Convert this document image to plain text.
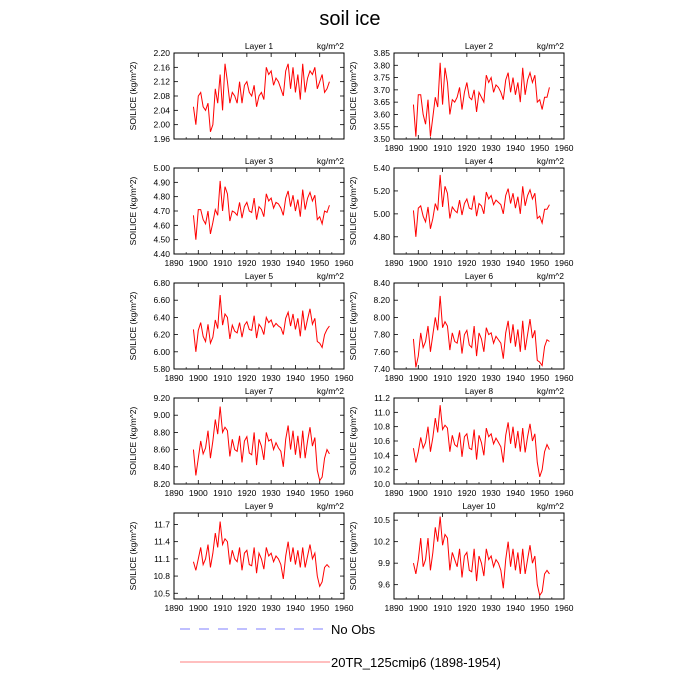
soil ice
Layer 1	kg/m^2
SOILICE (kg/m^2)
1.96
2.00
2.04
2.08
2.12
2.16
2.20
Layer 2	kg/m^2
SOILICE (kg/m^2)
1890 1900 1910 1920 1930 1940 1950 1960
3.50
3.55
3.60
3.65
3.70
3.75
3.80
3.85
Layer 3	kg/m^2
SOILICE (kg/m^2)
1890 1900 1910 1920 1930 1940 1950 1960
4.40
4.50
4.60
4.70
4.80
4.90
5.00
Layer 4	kg/m^2
SOILICE (kg/m^2)
1890 1900 1910 1920 1930 1940 1950 1960
4.80
5.00
5.20
5.40
Layer 5	kg/m^2
SOILICE (kg/m^2)
1890 1900 1910 1920 1930 1940 1950 1960
5.80
6.00
6.20
6.40
6.60
6.80
Layer 6	kg/m^2
SOILICE (kg/m^2)
1890 1900 1910 1920 1930 1940 1950 1960
7.40
7.60
7.80
8.00
8.20
8.40
Layer 7	kg/m^2
SOILICE (kg/m^2)
1890 1900 1910 1920 1930 1940 1950 1960
8.20
8.40
8.60
8.80
9.00
9.20
Layer 8	kg/m^2
SOILICE (kg/m^2)
1890 1900 1910 1920 1930 1940 1950 1960
10.0
10.2
10.4
10.6
10.8
11.0
11.2
Layer 9	kg/m^2
SOILICE (kg/m^2)
1890 1900 1910 1920 1930 1940 1950 1960
10.5
10.8
11.1
11.4
11.7
Layer 10	kg/m^2
SOILICE (kg/m^2)
1890 1900 1910 1920 1930 1940 1950 1960
9.6
9.9
10.2
10.5
No Obs
20TR_125cmip6 (1898-1954)
